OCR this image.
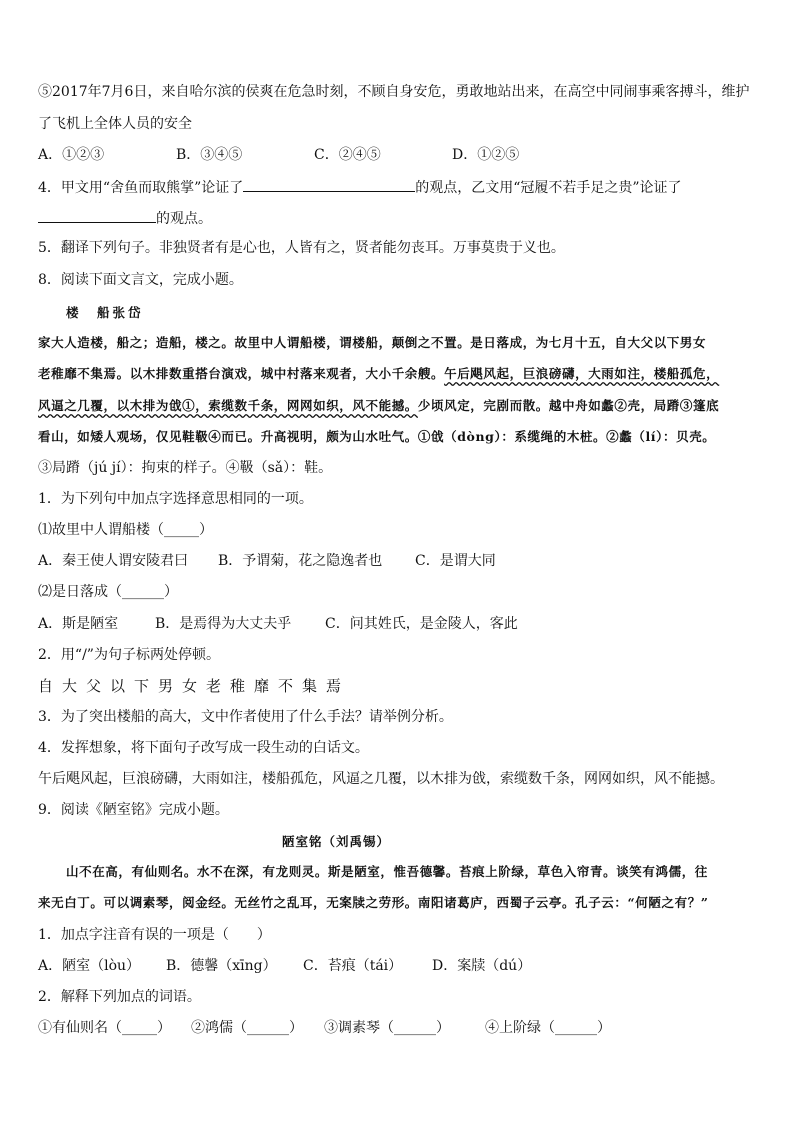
⑤2017年7月6日，来自哈尔滨的侯爽在危急时刻，不顾自身安危，勇敢地站出来，在高空中同闹事乘客搏斗，维护
了飞机上全体人员的安全
A．①②③	B．③④⑤	C．②④⑤	D．①②⑤
4．甲文用“舍鱼而取熊掌”论证了	的观点，乙文用“冠履不若手足之贵”论证了
的观点。
5．翻译下列句子。非独贤者有是心也，人皆有之，贤者能勿丧耳。万事莫贵于义也。
8．阅读下面文言文，完成小题。
楼　船张岱
家大人造楼，船之；造船，楼之。故里中人谓船楼，谓楼船，颠倒之不置。是日落成，为七月十五，自大父以下男女
老稚靡不集焉。以木排数重搭台演戏，城中村落来观者，大小千余艘。午后飓风起，巨浪磅礴，大雨如注，楼船孤危，
风逼之几覆，以木排为戗①，索缆数千条，网网如织，风不能撼。少顷风定，完剧而散。越中舟如蠡②壳，局蹐③篷底
看山，如矮人观场，仅见鞋靸④而已。升高视明，颇为山水吐气。①戗（dòng）：系缆绳的木桩。②蠡（lí）：贝壳。
③局蹐（jú jí）：拘束的样子。④靸（sǎ）：鞋。
1．为下列句中加点字选择意思相同的一项。
⑴故里中人谓船楼（_____）
A．秦王使人谓安陵君曰 B．予谓菊，花之隐逸者也 C．是谓大同
⑵是日落成（______）
A．斯是陋室	B．是焉得为大丈夫乎 C．问其姓氏，是金陵人，客此
2．用“/”为句子标两处停顿。
自大父以下男女老稚靡不集焉
3．为了突出楼船的高大，文中作者使用了什么手法？请举例分析。
4．发挥想象，将下面句子改写成一段生动的白话文。
午后飓风起，巨浪磅礴，大雨如注，楼船孤危，风逼之几覆，以木排为戗，索缆数千条，网网如织，风不能撼。
9．阅读《陋室铭》完成小题。
陋室铭（刘禹锡）
山不在高，有仙则名。水不在深，有龙则灵。斯是陋室，惟吾德馨。苔痕上阶绿，草色入帘青。谈笑有鸿儒，往
来无白丁。可以调素琴，阅金经。无丝竹之乱耳，无案牍之劳形。南阳诸葛庐，西蜀子云亭。孔子云：“何陋之有？”
1．加点字注音有误的一项是（　　）
A．陋室（lòu） B．德馨（xīng） C．苔痕（tái） D．案牍（dú）
2．解释下列加点的词语。
①有仙则名（_____） ②鸿儒（______） ③调素琴（______）	④上阶绿（______）
